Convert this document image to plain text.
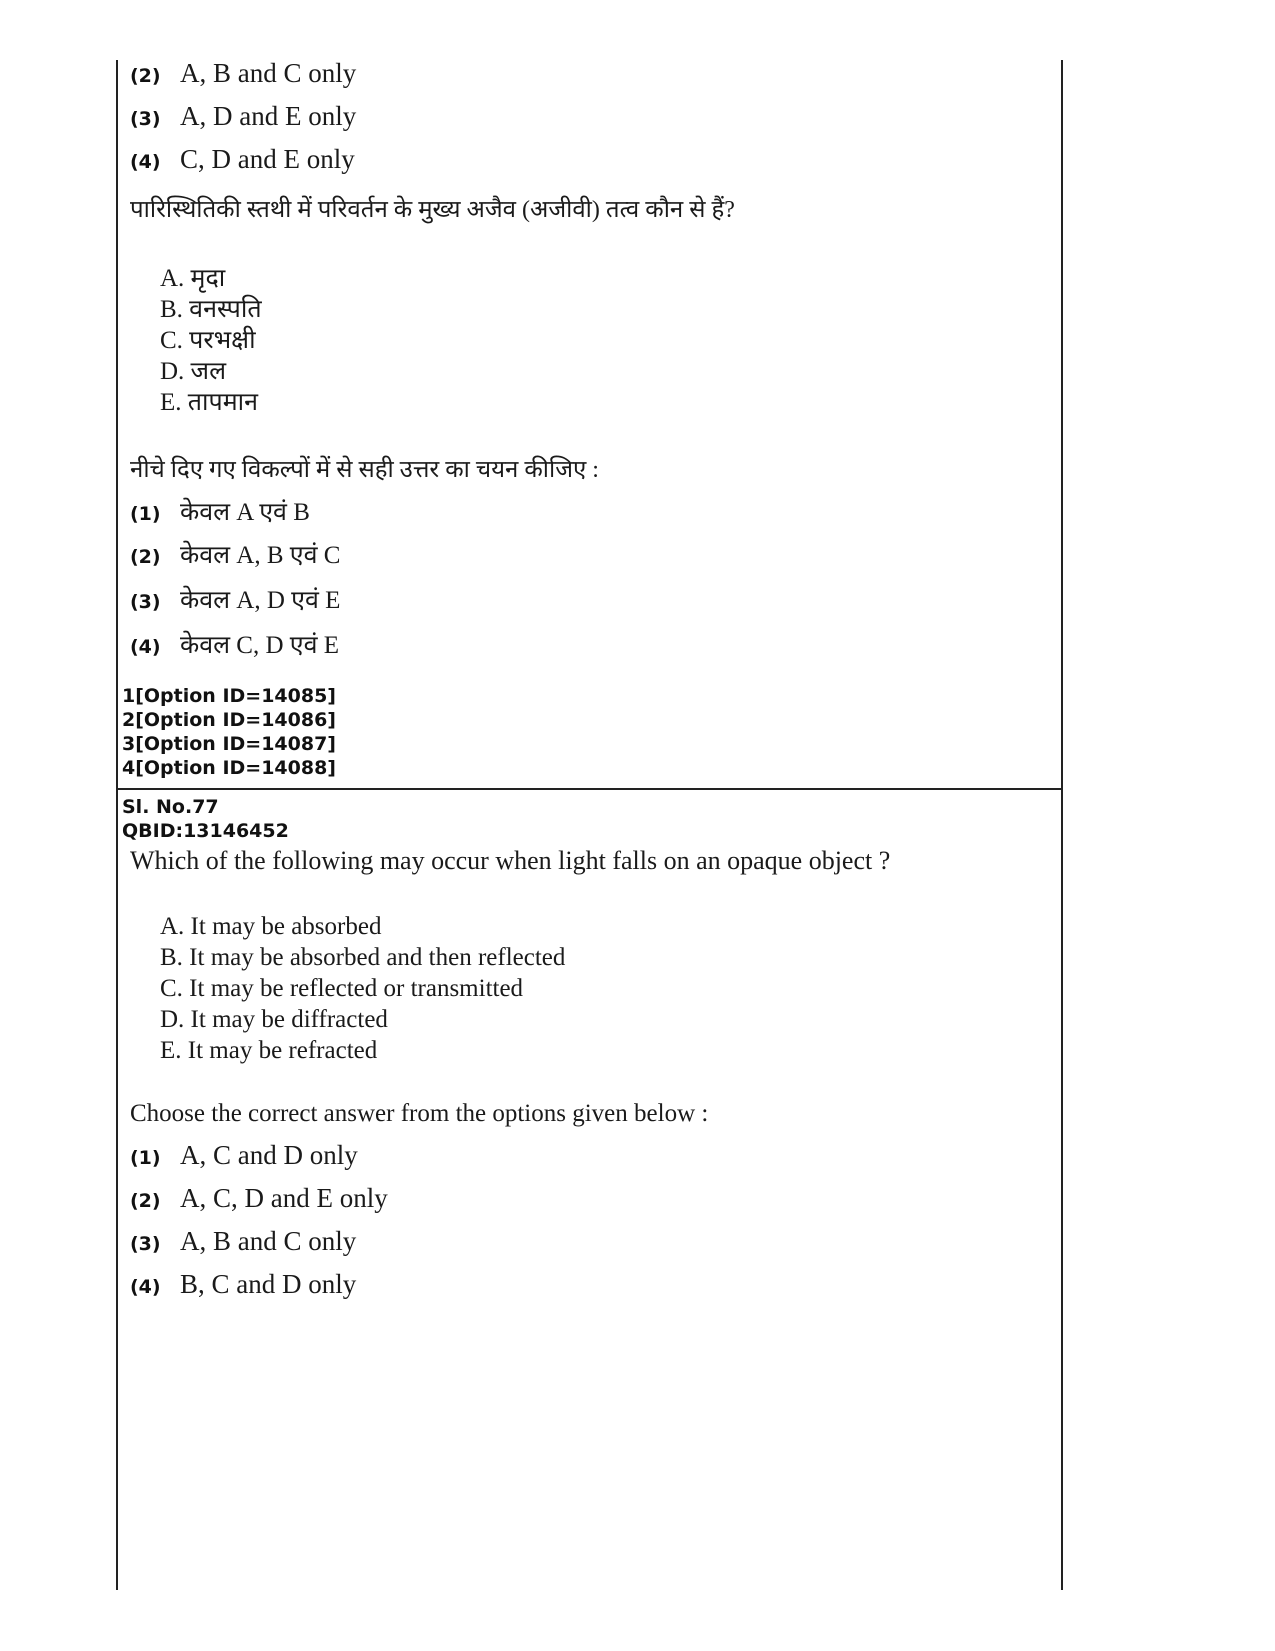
(2) A, B and C only
(3) A, D and E only
(4) C, D and E only
पारिस्थितिकी स्तथी में परिवर्तन के मुख्य अजैव (अजीवी) तत्व कौन से हैं?
A. मृदा
B. वनस्पति
C. परभक्षी
D. जल
E. तापमान
नीचे दिए गए विकल्पों में से सही उत्तर का चयन कीजिए :
(1) केवल A एवं B
(2) केवल A, B एवं C
(3) केवल A, D एवं E
(4) केवल C, D एवं E
1[Option ID=14085]
2[Option ID=14086]
3[Option ID=14087]
4[Option ID=14088]
Sl. No.77
QBID:13146452
Which of the following may occur when light falls on an opaque object ?
A. It may be absorbed
B. It may be absorbed and then reflected
C. It may be reflected or transmitted
D. It may be diffracted
E. It may be refracted
Choose the correct answer from the options given below :
(1) A, C and D only
(2) A, C, D and E only
(3) A, B and C only
(4) B, C and D only
